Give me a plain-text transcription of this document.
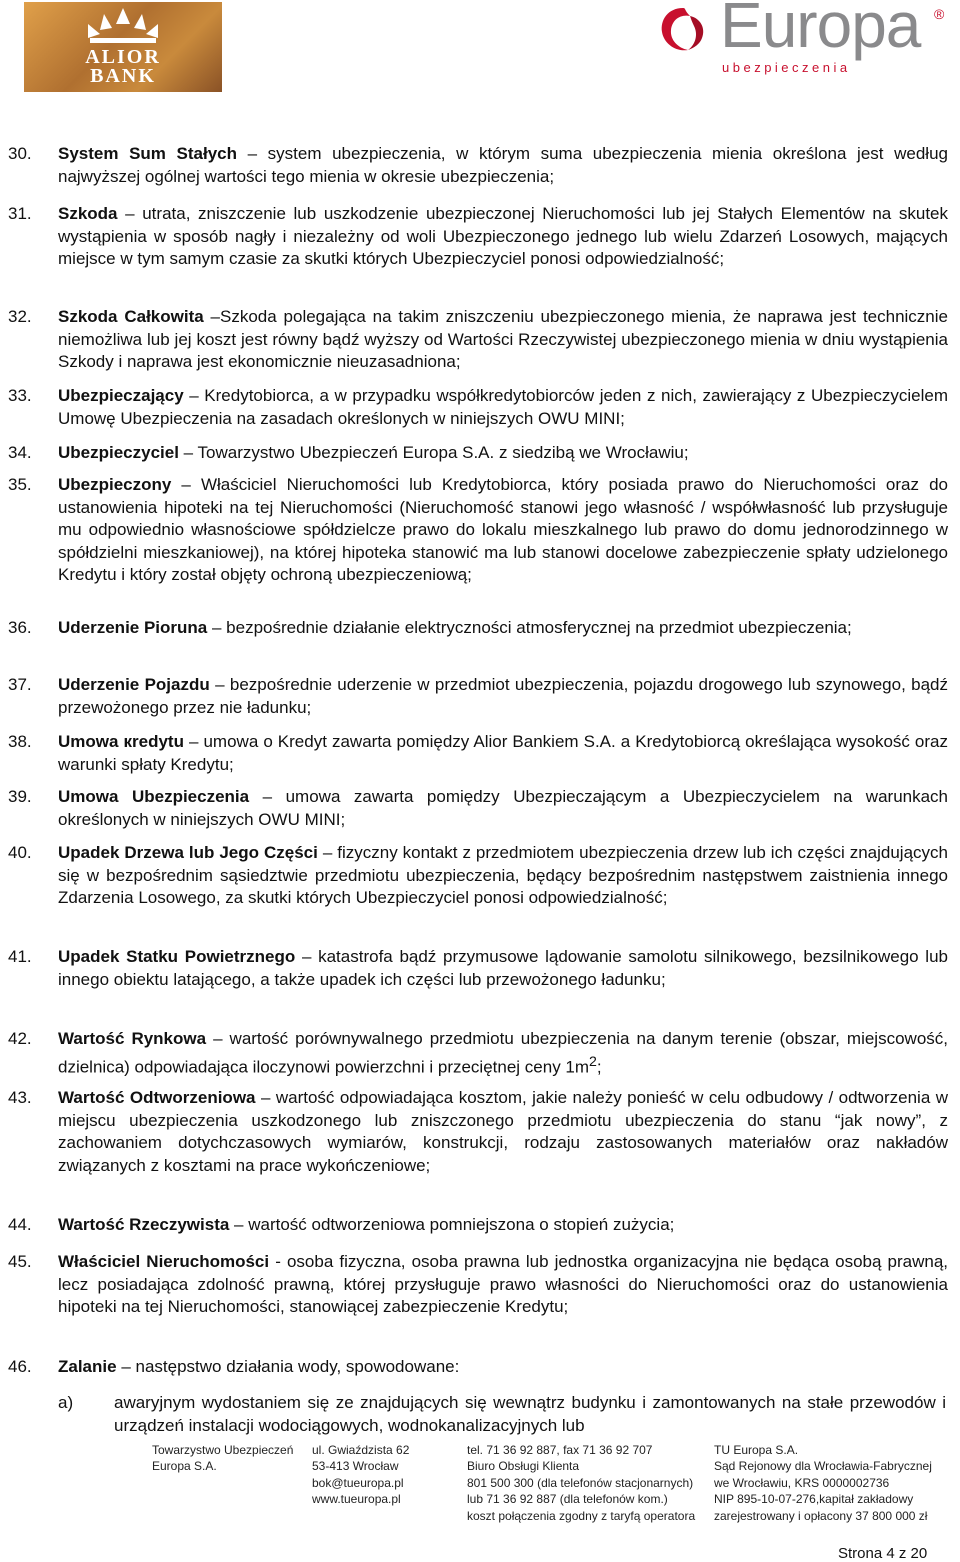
ALIOR
BANK
Europa ®
ubezpieczenia
30.	System Sum Stałych – system ubezpieczenia, w którym suma ubezpieczenia mienia określona jest według najwyższej ogólnej wartości tego mienia w okresie ubezpieczenia;
31.	Szkoda – utrata, zniszczenie lub uszkodzenie ubezpieczonej Nieruchomości lub jej Stałych Elementów na skutek wystąpienia w sposób nagły i niezależny od woli Ubezpieczonego jednego lub wielu Zdarzeń Losowych, mających miejsce w tym samym czasie za skutki których Ubezpieczyciel ponosi odpowiedzialność;
32.	Szkoda Całkowita –Szkoda polegająca na takim zniszczeniu ubezpieczonego mienia, że naprawa jest technicznie niemożliwa lub jej koszt jest równy bądź wyższy od Wartości Rzeczywistej ubezpieczonego mienia w dniu wystąpienia Szkody i naprawa jest ekonomicznie nieuzasadniona;
33.	Ubezpieczający – Kredytobiorca, a w przypadku współkredytobiorców jeden z nich, zawierający z Ubezpieczycielem Umowę Ubezpieczenia na zasadach określonych w niniejszych OWU MINI;
34.	Ubezpieczyciel – Towarzystwo Ubezpieczeń Europa S.A. z siedzibą we Wrocławiu;
35.	Ubezpieczony – Właściciel Nieruchomości lub Kredytobiorca, który posiada prawo do Nieruchomości oraz do ustanowienia hipoteki na tej Nieruchomości (Nieruchomość stanowi jego własność / współwłasność lub przysługuje mu odpowiednio własnościowe spółdzielcze prawo do lokalu mieszkalnego lub prawo do domu jednorodzinnego w spółdzielni mieszkaniowej), na której hipoteka stanowić ma lub stanowi docelowe zabezpieczenie spłaty udzielonego Kredytu i który został objęty ochroną ubezpieczeniową;
36.	Uderzenie Pioruna – bezpośrednie działanie elektryczności atmosferycznej na przedmiot ubezpieczenia;
37.	Uderzenie Pojazdu – bezpośrednie uderzenie w przedmiot ubezpieczenia, pojazdu drogowego lub szynowego, bądź przewożonego przez nie ładunku;
38.	Umowa кredytu – umowa o Kredyt zawarta pomiędzy Alior Bankiem S.A. a Kredytobiorcą określająca wysokość oraz warunki spłaty Kredytu;
39.	Umowa Ubezpieczenia – umowa zawarta pomiędzy Ubezpieczającym a Ubezpieczycielem na warunkach określonych w niniejszych OWU MINI;
40.	Upadek Drzewa lub Jego Części – fizyczny kontakt z przedmiotem ubezpieczenia drzew lub ich części znajdujących się w bezpośrednim sąsiedztwie przedmiotu ubezpieczenia, będący bezpośrednim następstwem zaistnienia innego Zdarzenia Losowego, za skutki których Ubezpieczyciel ponosi odpowiedzialność;
41.	Upadek Statku Powietrznego – katastrofa bądź przymusowe lądowanie samolotu silnikowego, bezsilnikowego lub innego obiektu latającego, a także upadek ich części lub przewożonego ładunku;
42.	Wartość Rynkowa – wartość porównywalnego przedmiotu ubezpieczenia na danym terenie (obszar, miejscowość, dzielnica) odpowiadająca iloczynowi powierzchni i przeciętnej ceny $1m^2$;
43.	Wartość Odtworzeniowa – wartość odpowiadająca kosztom, jakie należy ponieść w celu odbudowy / odtworzenia w miejscu ubezpieczenia uszkodzonego lub zniszczonego przedmiotu ubezpieczenia do stanu “jak nowy”, z zachowaniem dotychczasowych wymiarów, konstrukcji, rodzaju zastosowanych materiałów oraz nakładów związanych z kosztami na prace wykończeniowe;
44.	Wartość Rzeczywista – wartość odtworzeniowa pomniejszona o stopień zużycia;
45.	Właściciel Nieruchomości - osoba fizyczna, osoba prawna lub jednostka organizacyjna nie będąca osobą prawną, lecz posiadająca zdolność prawną, której przysługuje prawo własności do Nieruchomości oraz do ustanowienia hipoteki na tej Nieruchomości, stanowiącej zabezpieczenie Kredytu;
46.	Zalanie – następstwo działania wody, spowodowane:
a)	awaryjnym wydostaniem się ze znajdujących się wewnątrz budynku i zamontowanych na stałe przewodów i urządzeń instalacji wodociągowych, wodnokanalizacyjnych lub
Towarzystwo Ubezpieczeń
Europa S.A.
ul. Gwiaździsta 62
53-413 Wrocław
bok@tueuropa.pl
www.tueuropa.pl
tel. 71 36 92 887, fax 71 36 92 707
Biuro Obsługi Klienta
801 500 300 (dla telefonów stacjonarnych)
lub 71 36 92 887 (dla telefonów kom.)
koszt połączenia zgodny z taryfą operatora
TU Europa S.A.
Sąd Rejonowy dla Wrocławia-Fabrycznej
we Wrocławiu, KRS 0000002736
NIP 895-10-07-276,kapitał zakładowy
zarejestrowany i opłacony 37 800 000 zł
Strona 4 z 20
